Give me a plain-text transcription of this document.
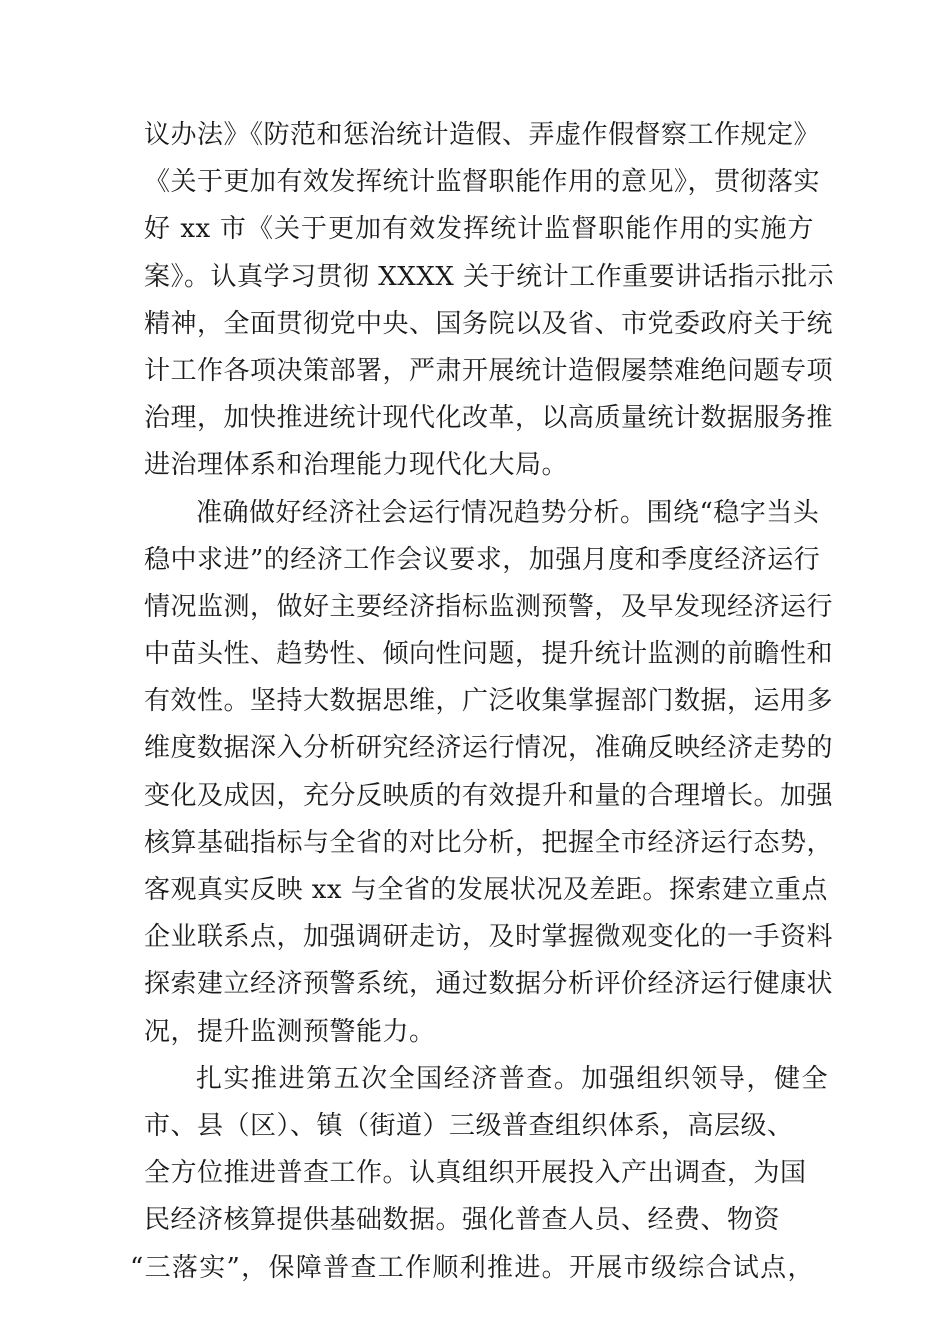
议办法》《防范和惩治统计造假、弄虚作假督察工作规定》
《关于更加有效发挥统计监督职能作用的意见》，贯彻落实
好 xx 市《关于更加有效发挥统计监督职能作用的实施方
案》。认真学习贯彻 XXXX 关于统计工作重要讲话指示批示
精神，全面贯彻党中央、国务院以及省、市党委政府关于统
计工作各项决策部署，严肃开展统计造假屡禁难绝问题专项
治理，加快推进统计现代化改革，以高质量统计数据服务推
进治理体系和治理能力现代化大局。
准确做好经济社会运行情况趋势分析。围绕“稳字当头
稳中求进”的经济工作会议要求，加强月度和季度经济运行
情况监测，做好主要经济指标监测预警，及早发现经济运行
中苗头性、趋势性、倾向性问题，提升统计监测的前瞻性和
有效性。坚持大数据思维，广泛收集掌握部门数据，运用多
维度数据深入分析研究经济运行情况，准确反映经济走势的
变化及成因，充分反映质的有效提升和量的合理增长。加强
核算基础指标与全省的对比分析，把握全市经济运行态势，
客观真实反映 xx 与全省的发展状况及差距。探索建立重点
企业联系点，加强调研走访，及时掌握微观变化的一手资料
探索建立经济预警系统，通过数据分析评价经济运行健康状
况，提升监测预警能力。
扎实推进第五次全国经济普查。加强组织领导，健全
市、县（区）、镇（街道）三级普查组织体系，高层级、
全方位推进普查工作。认真组织开展投入产出调查，为国
民经济核算提供基础数据。强化普查人员、经费、物资
“三落实”，保障普查工作顺利推进。开展市级综合试点，
